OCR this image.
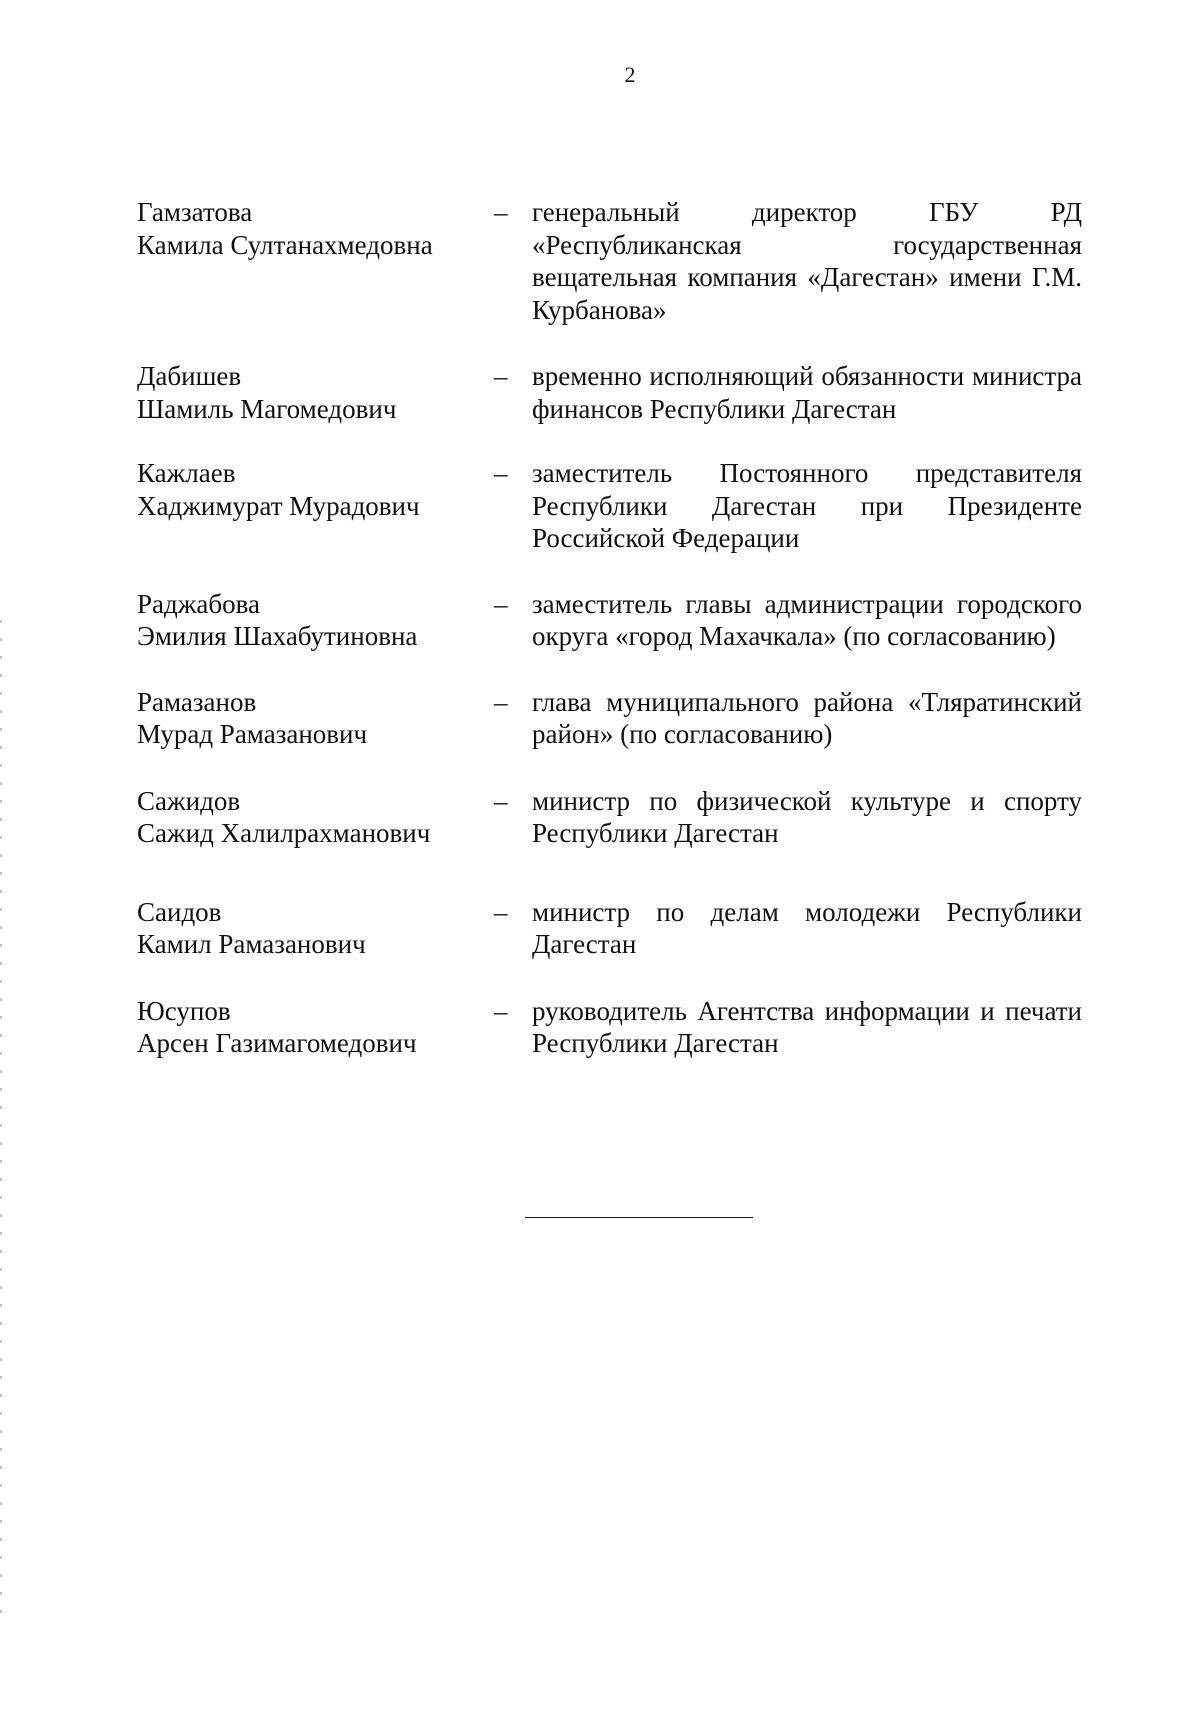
2
Гамзатова
Камила Султанахмедовна
– генеральный директор ГБУ РД «Республиканская государственная вещательная компания «Дагестан» имени Г.М. Курбанова»
Дабишев
Шамиль Магомедович
– временно исполняющий обязанности министра финансов Республики Дагестан
Кажлаев
Хаджимурат Мурадович
– заместитель Постоянного представителя Республики Дагестан при Президенте Российской Федерации
Раджабова
Эмилия Шахабутиновна
– заместитель главы администрации городского округа «город Махачкала» (по согласованию)
Рамазанов
Мурад Рамазанович
– глава муниципального района «Тляратинский район» (по согласованию)
Сажидов
Сажид Халилрахманович
– министр по физической культуре и спорту Республики Дагестан
Саидов
Камил Рамазанович
– министр по делам молодежи Республики Дагестан
Юсупов
Арсен Газимагомедович
– руководитель Агентства информации и печати Республики Дагестан
